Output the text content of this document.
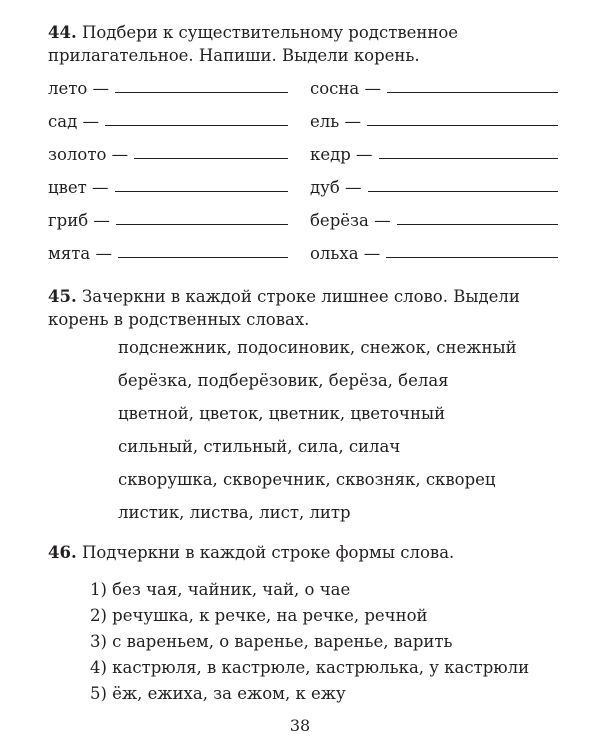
44. Подбери к существительному родственное прилагательное. Напиши. Выдели корень.
лето —	сосна —
сад —	ель —
золото —	кедр —
цвет —	дуб —
гриб —	берёза —
мята —	ольха —
45. Зачеркни в каждой строке лишнее слово. Выдели корень в родственных словах.
подснежник, подосиновик, снежок, снежный
берёзка, подберёзовик, берёза, белая
цветной, цветок, цветник, цветочный
сильный, стильный, сила, силач
скворушка, скворечник, сквозняк, скворец
листик, листва, лист, литр
46. Подчеркни в каждой строке формы слова.
1) без чая, чайник, чай, о чае
2) речушка, к речке, на речке, речной
3) с вареньем, о варенье, варенье, варить
4) кастрюля, в кастрюле, кастрюлька, у кастрюли
5) ёж, ежиха, за ежом, к ежу
38
